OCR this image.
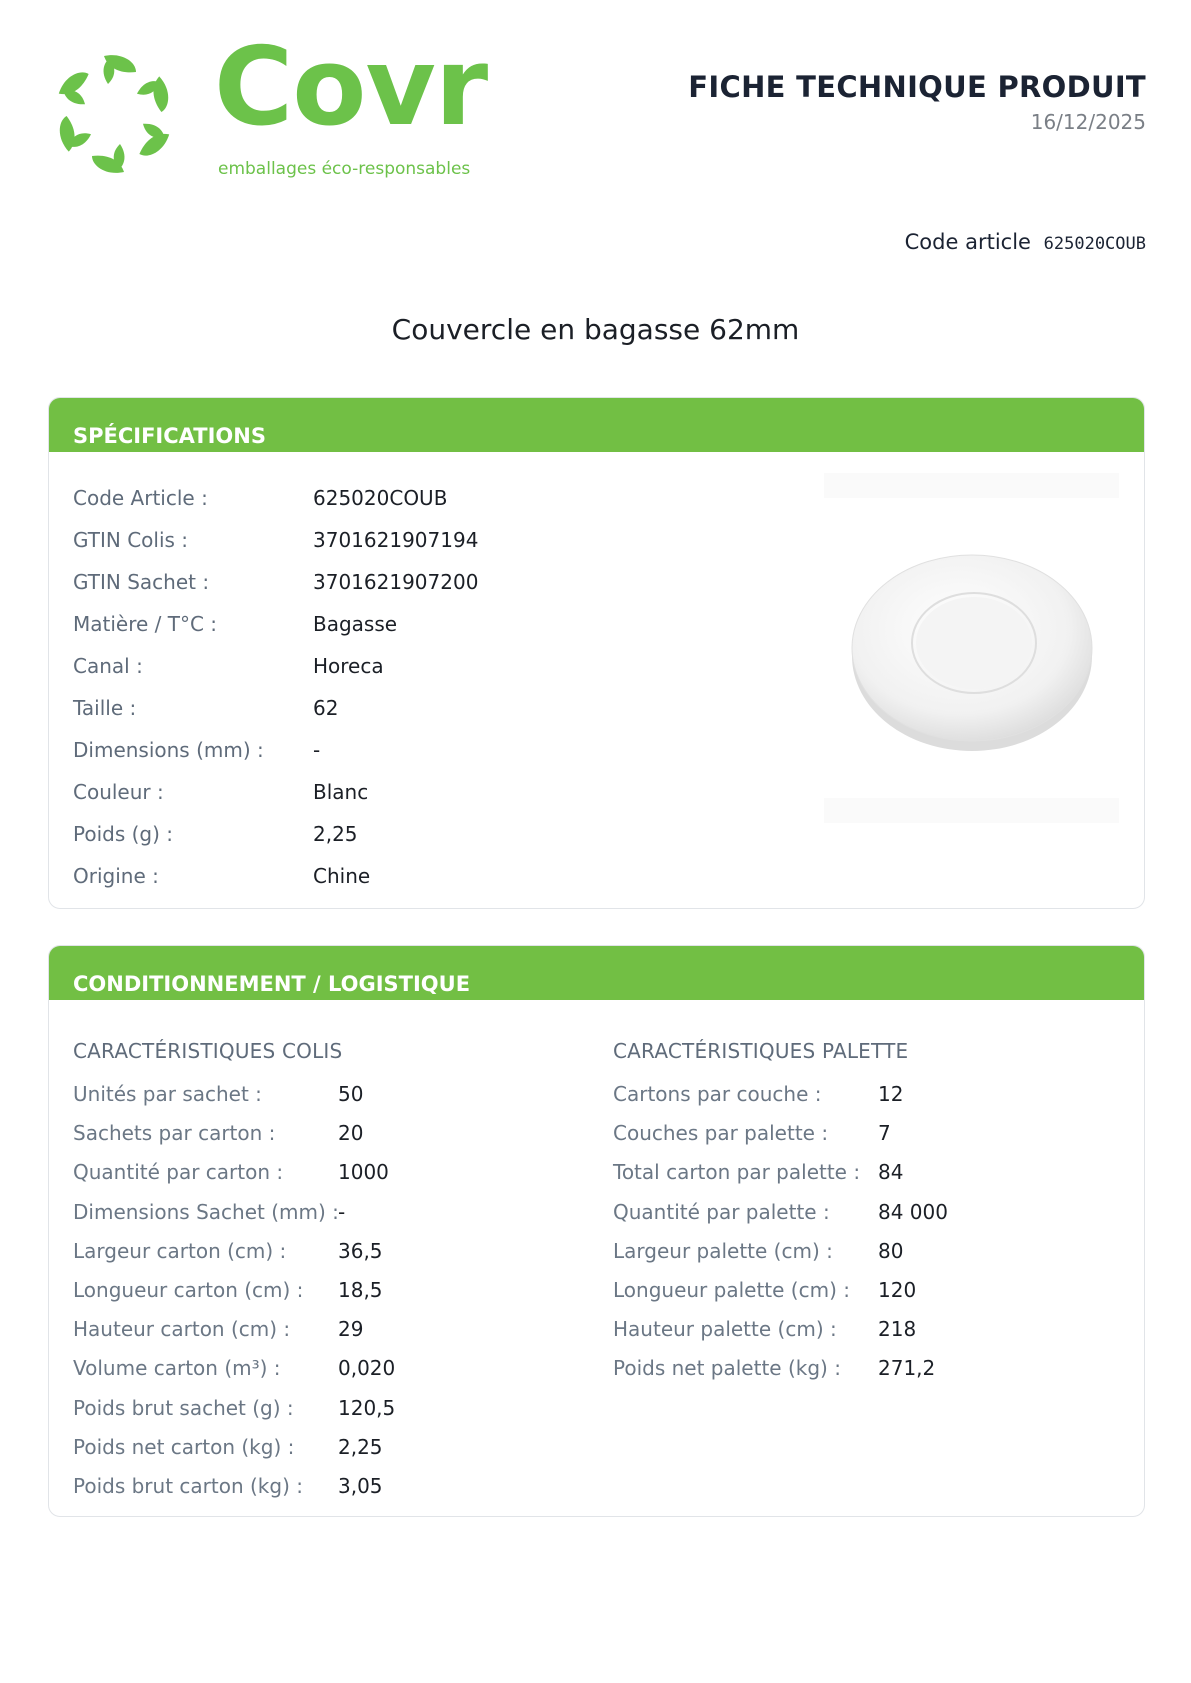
Covr
emballages éco-responsables
FICHE TECHNIQUE PRODUIT
16/12/2025
Code article 625020COUB
Couvercle en bagasse 62mm
SPÉCIFICATIONS
Code Article :	625020COUB
GTIN Colis :	3701621907194
GTIN Sachet :	3701621907200
Matière / T°C :	Bagasse
Canal :	Horeca
Taille :	62
Dimensions (mm) : -
Couleur :	Blanc
Poids (g) :	2,25
Origine :	Chine
CONDITIONNEMENT / LOGISTIQUE
CARACTÉRISTIQUES COLIS	CARACTÉRISTIQUES PALETTE
Unités par sachet :	50
Sachets par carton :	20
Quantité par carton :	1000
Dimensions Sachet (mm) : -
Largeur carton (cm) :	36,5
Longueur carton (cm) : 18,5
Hauteur carton (cm) : 29
Volume carton (m³) :	0,020
Poids brut sachet (g) : 120,5
Poids net carton (kg) : 2,25
Poids brut carton (kg) : 3,05
Cartons par couche :	12
Couches par palette : 7
Total carton par palette : 84
Quantité par palette : 84 000
Largeur palette (cm) : 80
Longueur palette (cm) : 120
Hauteur palette (cm) : 218
Poids net palette (kg) : 271,2
